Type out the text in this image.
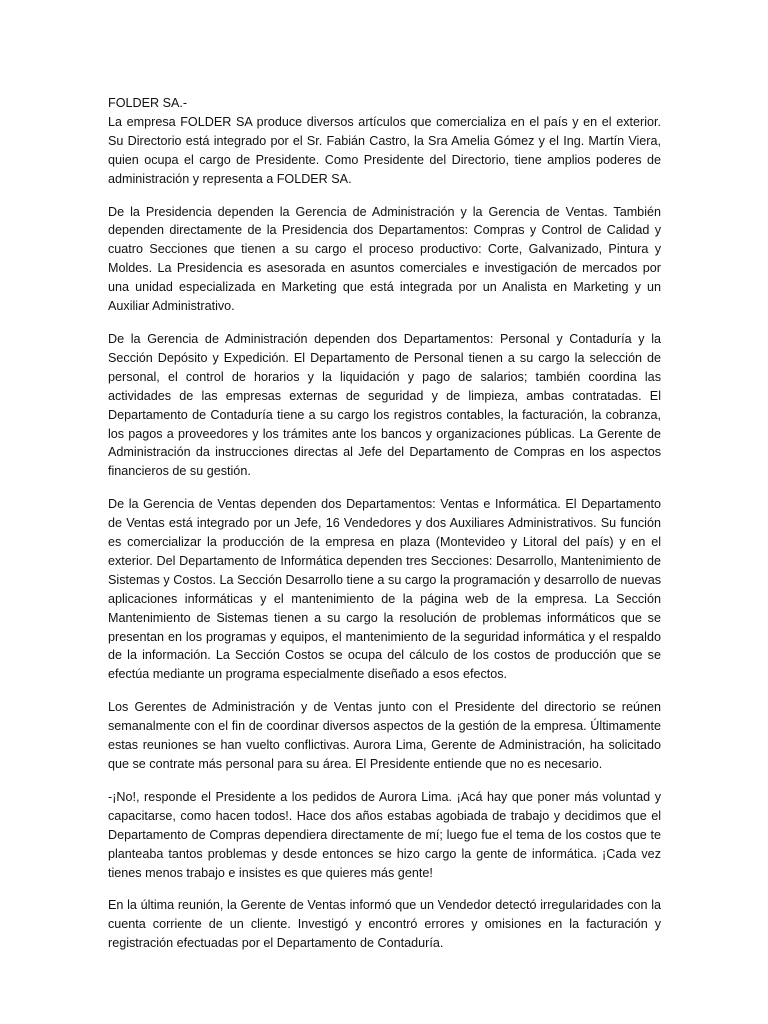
FOLDER SA.-

La empresa FOLDER SA produce diversos artículos que comercializa en el país y en el exterior. Su Directorio está integrado por el Sr. Fabián Castro, la Sra Amelia Gómez y el Ing. Martín Viera, quien ocupa el cargo de Presidente. Como Presidente del Directorio, tiene amplios poderes de administración y representa a FOLDER SA.

De la Presidencia dependen la Gerencia de Administración y la Gerencia de Ventas. También dependen directamente de la Presidencia dos Departamentos: Compras y Control de Calidad y cuatro Secciones que tienen a su cargo el proceso productivo: Corte, Galvanizado, Pintura y Moldes. La Presidencia es asesorada en asuntos comerciales e investigación de mercados por una unidad especializada en Marketing que está integrada por un Analista en Marketing y un Auxiliar Administrativo.

De la Gerencia de Administración dependen dos Departamentos: Personal y Contaduría y la Sección Depósito y Expedición. El Departamento de Personal tienen a su cargo la selección de personal, el control de horarios y la liquidación y pago de salarios; también coordina las actividades de las empresas externas de seguridad y de limpieza, ambas contratadas. El Departamento de Contaduría tiene a su cargo los registros contables, la facturación, la cobranza, los pagos a proveedores y los trámites ante los bancos y organizaciones públicas. La Gerente de Administración da instrucciones directas al Jefe del Departamento de Compras en los aspectos financieros de su gestión.

De la Gerencia de Ventas dependen dos Departamentos: Ventas e Informática. El Departamento de Ventas está integrado por un Jefe, 16 Vendedores y dos Auxiliares Administrativos. Su función es comercializar la producción de la empresa en plaza (Montevideo y Litoral del país) y en el exterior. Del Departamento de Informática dependen tres Secciones: Desarrollo, Mantenimiento de Sistemas y Costos. La Sección Desarrollo tiene a su cargo la programación y desarrollo de nuevas aplicaciones informáticas y el mantenimiento de la página web de la empresa. La Sección Mantenimiento de Sistemas tienen a su cargo la resolución de problemas informáticos que se presentan en los programas y equipos, el mantenimiento de la seguridad informática y el respaldo de la información. La Sección Costos se ocupa del cálculo de los costos de producción que se efectúa mediante un programa especialmente diseñado a esos efectos.

Los Gerentes de Administración y de Ventas junto con el Presidente del directorio se reúnen semanalmente con el fin de coordinar diversos aspectos de la gestión de la empresa. Últimamente estas reuniones se han vuelto conflictivas. Aurora Lima, Gerente de Administración, ha solicitado que se contrate más personal para su área. El Presidente entiende que no es necesario.

-¡No!, responde el Presidente a los pedidos de Aurora Lima. ¡Acá hay que poner más voluntad y capacitarse, como hacen todos!. Hace dos años estabas agobiada de trabajo y decidimos que el Departamento de Compras dependiera directamente de mí; luego fue el tema de los costos que te planteaba tantos problemas y desde entonces se hizo cargo la gente de informática. ¡Cada vez tienes menos trabajo e insistes es que quieres más gente!

En la última reunión, la Gerente de Ventas informó que un Vendedor detectó irregularidades con la cuenta corriente de un cliente. Investigó y encontró errores y omisiones en la facturación y registración efectuadas por el Departamento de Contaduría.
